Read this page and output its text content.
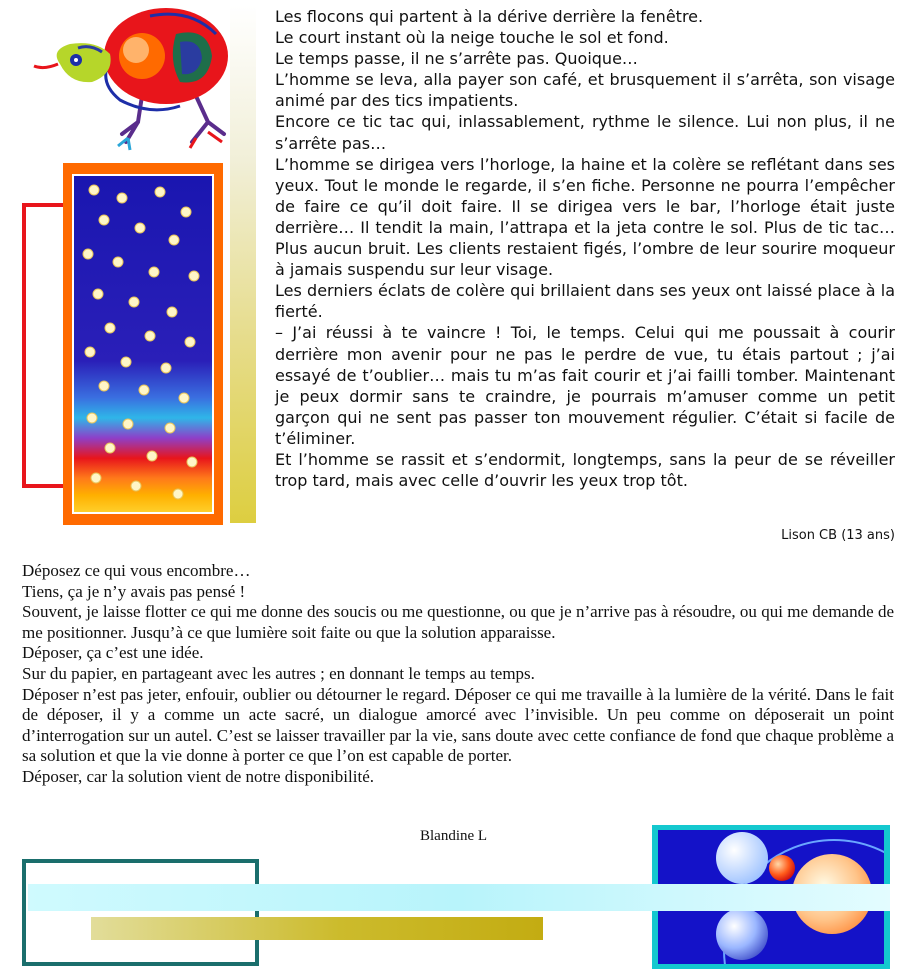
Les flocons qui partent à la dérive derrière la fenêtre.

Le court instant où la neige touche le sol et fond.

Le temps passe, il ne s’arrête pas. Quoique…

L’homme se leva, alla payer son café, et brusquement il s’arrêta, son visage animé par des tics impatients.

Encore ce tic tac qui, inlassablement, rythme le silence. Lui non plus, il ne s’arrête pas…

L’homme se dirigea vers l’horloge, la haine et la colère se reflétant dans ses yeux. Tout le monde le regarde, il s’en fiche. Personne ne pourra l’empêcher de faire ce qu’il doit faire. Il se dirigea vers le bar, l’horloge était juste derrière… Il tendit la main, l’attrapa et la jeta contre le sol. Plus de tic tac… Plus aucun bruit. Les clients restaient figés, l’ombre de leur sourire moqueur à jamais suspendu sur leur visage.

Les derniers éclats de colère qui brillaient dans ses yeux ont laissé place à la fierté.

– J’ai réussi à te vaincre ! Toi, le temps. Celui qui me poussait à courir derrière mon avenir pour ne pas le perdre de vue, tu étais partout ; j’ai essayé de t’oublier… mais tu m’as fait courir et j’ai failli tomber. Maintenant je peux dormir sans te craindre, je pourrais m’amuser comme un petit garçon qui ne sent pas passer ton mouvement régulier. C’était si facile de t’éliminer.

Et l’homme se rassit et s’endormit, longtemps, sans la peur de se réveiller trop tard, mais avec celle d’ouvrir les yeux trop tôt.

Lison CB (13 ans)

Déposez ce qui vous encombre…

Tiens, ça je n’y avais pas pensé !

Souvent, je laisse flotter ce qui me donne des soucis ou me questionne, ou que je n’arrive pas à résoudre, ou qui me demande de me positionner. Jusqu’à ce que lumière soit faite ou que la solution apparaisse.

Déposer, ça c’est une idée.

Sur du papier, en partageant avec les autres ; en donnant le temps au temps.

Déposer n’est pas jeter, enfouir, oublier ou détourner le regard. Déposer ce qui me travaille à la lumière de la vérité. Dans le fait de déposer, il y a comme un acte sacré, un dialogue amorcé avec l’invisible. Un peu comme on déposerait un point d’interrogation sur un autel. C’est se laisser travailler par la vie, sans doute avec cette confiance de fond que chaque problème a sa solution et que la vie donne à porter ce que l’on est capable de porter.

Déposer, car la solution vient de notre disponibilité.

Blandine L
